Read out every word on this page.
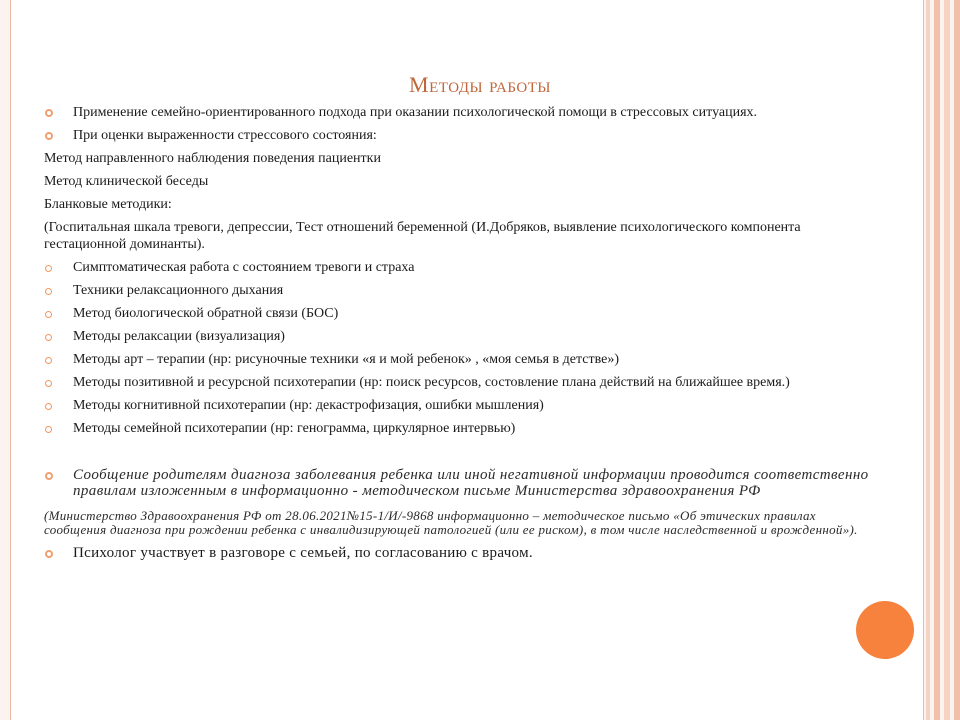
Методы работы
Применение семейно-ориентированного подхода при оказании психологической помощи в стрессовых ситуациях.
При оценки выраженности стрессового состояния:
Метод направленного наблюдения поведения пациентки
Метод клинической беседы
Бланковые методики:
(Госпитальная шкала тревоги, депрессии, Тест отношений беременной (И.Добряков, выявление психологического компонента гестационной доминанты).
Симптоматическая работа с состоянием тревоги и страха
Техники релаксационного дыхания
Метод биологической обратной связи (БОС)
Методы релаксации (визуализация)
Методы арт – терапии (нр: рисуночные техники «я и мой ребенок» , «моя семья в детстве»)
Методы позитивной и ресурсной психотерапии (нр: поиск ресурсов, состовление плана действий на ближайшее время.)
Методы когнитивной психотерапии (нр: декастрофизация, ошибки мышления)
Методы семейной психотерапии (нр: генограмма, циркулярное интервью)
Сообщение родителям диагноза заболевания ребенка или иной негативной информации проводится соответственно правилам изложенным в информационно - методическом письме Министерства здравоохранения РФ
(Министерство Здравоохранения РФ от 28.06.2021№15-1/И/-9868 информационно – методическое письмо «Об этических правилах сообщения диагноза при рождении ребенка с инвалидизирующей патологией (или ее риском), в том числе наследственной и врожденной»).
Психолог участвует в разговоре с семьей, по согласованию с врачом.
